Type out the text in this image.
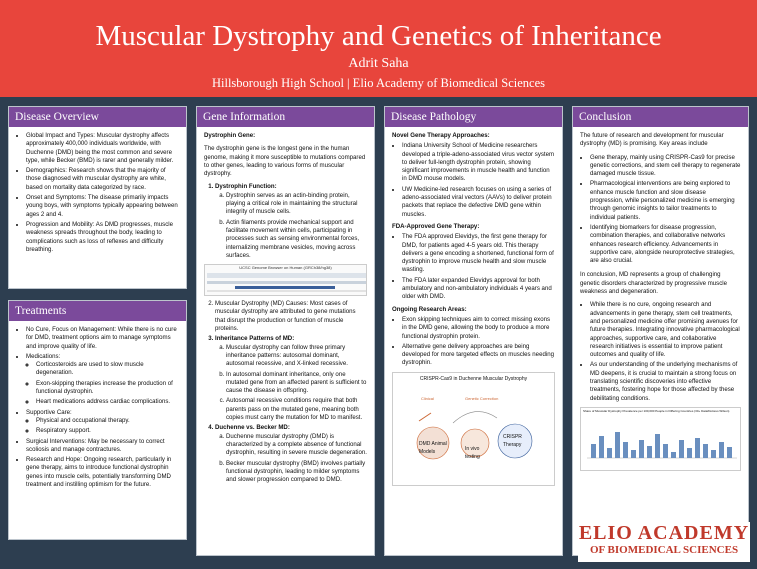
Muscular Dystrophy and Genetics of Inheritance
Adrit Saha
Hillsborough High School | Elio Academy of Biomedical Sciences
Disease Overview
• Global Impact and Types: Muscular dystrophy affects approximately 400,000 individuals worldwide, with Duchenne (DMD) being the most common and severe type, while Becker (BMD) is rarer and generally milder.
• Demographics: Research shows that the majority of those diagnosed with muscular dystrophy are white, based on mortality data categorized by race.
• Onset and Symptoms: The disease primarily impacts young boys, with symptoms typically appearing between ages 2 and 4.
• Progression and Mobility: As DMD progresses, muscle weakness spreads throughout the body, leading to complications such as loss of reflexes and difficulty breathing.
Treatments
• No Cure, Focus on Management: While there is no cure for DMD, treatment options aim to manage symptoms and improve quality of life.
• Medications:
◦ Corticosteroids are used to slow muscle degeneration.
◦ Exon-skipping therapies increase the production of functional dystrophin.
◦ Heart medications address cardiac complications.
• Supportive Care:
◦ Physical and occupational therapy.
◦ Respiratory support.
• Surgical Interventions: May be necessary to correct scoliosis and manage contractures.
• Research and Hope: Ongoing research, particularly in gene therapy, aims to introduce functional dystrophin genes into muscle cells, potentially transforming DMD treatment and instilling optimism for the future.
Gene Information

Dystrophin Gene:

The dystrophin gene is the longest gene in the human genome, making it more susceptible to mutations compared to other genes, leading to various forms of muscular dystrophy.

1. Dystrophin Function:
a. Dystrophin serves as an actin-binding protein, playing a critical role in maintaining the structural integrity of muscle cells.
b. Actin filaments provide mechanical support and facilitate movement within cells, participating in processes such as sensing environmental forces, internalizing membrane vesicles, moving across surfaces.
UCSC Genome Browser on Human (GRCh38/hg38)
2. Muscular Dystrophy (MD) Causes: Most cases of muscular dystrophy are attributed to gene mutations that disrupt the production or function of muscle proteins.
3. Inheritance Patterns of MD:
a. Muscular dystrophy can follow three primary inheritance patterns: autosomal dominant, autosomal recessive, and X-linked recessive.
b. In autosomal dominant inheritance, only one mutated gene from an affected parent is sufficient to cause the disease in offspring.
c. Autosomal recessive conditions require that both parents pass on the mutated gene, meaning both copies must carry the mutation for MD to manifest.
4. Duchenne vs. Becker MD:
a. Duchenne muscular dystrophy (DMD) is characterized by a complete absence of functional dystrophin, resulting in severe muscle degeneration.
b. Becker muscular dystrophy (BMD) involves partially functional dystrophin, leading to milder symptoms and slower progression compared to DMD.
Disease Pathology

Novel Gene Therapy Approaches:

• Indiana University School of Medicine researchers developed a triple-adeno-associated virus vector system to deliver full-length dystrophin protein, showing significant improvements in muscle health and function in DMD mouse models.
• UW Medicine-led research focuses on using a series of adeno-associated viral vectors (AAVs) to deliver protein packets that replace the defective DMD gene within muscles.

FDA-Approved Gene Therapy:

• The FDA approved Elevidys, the first gene therapy for DMD, for patients aged 4-5 years old. This therapy delivers a gene encoding a shortened, functional form of dystrophin to improve muscle health and slow muscle wasting.
• The FDA later expanded Elevidys approval for both ambulatory and non-ambulatory individuals 4 years and older with DMD.

Ongoing Research Areas:

• Exon skipping techniques aim to correct missing exons in the DMD gene, allowing the body to produce a more functional dystrophin protein.
• Alternative gene delivery approaches are being developed for more targeted effects on muscles needing dystrophin.
CRISPR-Cas9 in Duchenne Muscular Dystrophy
DMD Animal Models
In vivo testing
CRISPR Therapy
Genetic Correction
Clinical
Conclusion

The future of research and development for muscular dystrophy (MD) is promising. Key areas include

• Gene therapy, mainly using CRISPR-Cas9 for precise genetic corrections, and stem cell therapy to regenerate damaged muscle tissue.
• Pharmacological interventions are being explored to enhance muscle function and slow disease progression, while personalized medicine is emerging through genomic insights to tailor treatments to individual patients.
• Identifying biomarkers for disease progression, combination therapies, and collaborative networks enhances research efficiency. Advancements in supportive care, alongside neuroprotective strategies, are also crucial.

In conclusion, MD represents a group of challenging genetic disorders characterized by progressive muscle weakness and degeneration.

• While there is no cure, ongoing research and advancements in gene therapy, stem cell treatments, and personalized medicine offer promising avenues for future therapies. Integrating innovative pharmacological approaches, supportive care, and collaborative research initiatives is essential to improve patient outcomes and quality of life.
• As our understanding of the underlying mechanisms of MD deepens, it is crucial to maintain a strong focus on translating scientific discoveries into effective treatments, fostering hope for those affected by these debilitating conditions.
Share of Muscular Dystrophy Prevalence per 100,000 People in Differing Countries (30+ Data/Dolores Wilson)
ELIO ACADEMY
OF BIOMEDICAL SCIENCES
